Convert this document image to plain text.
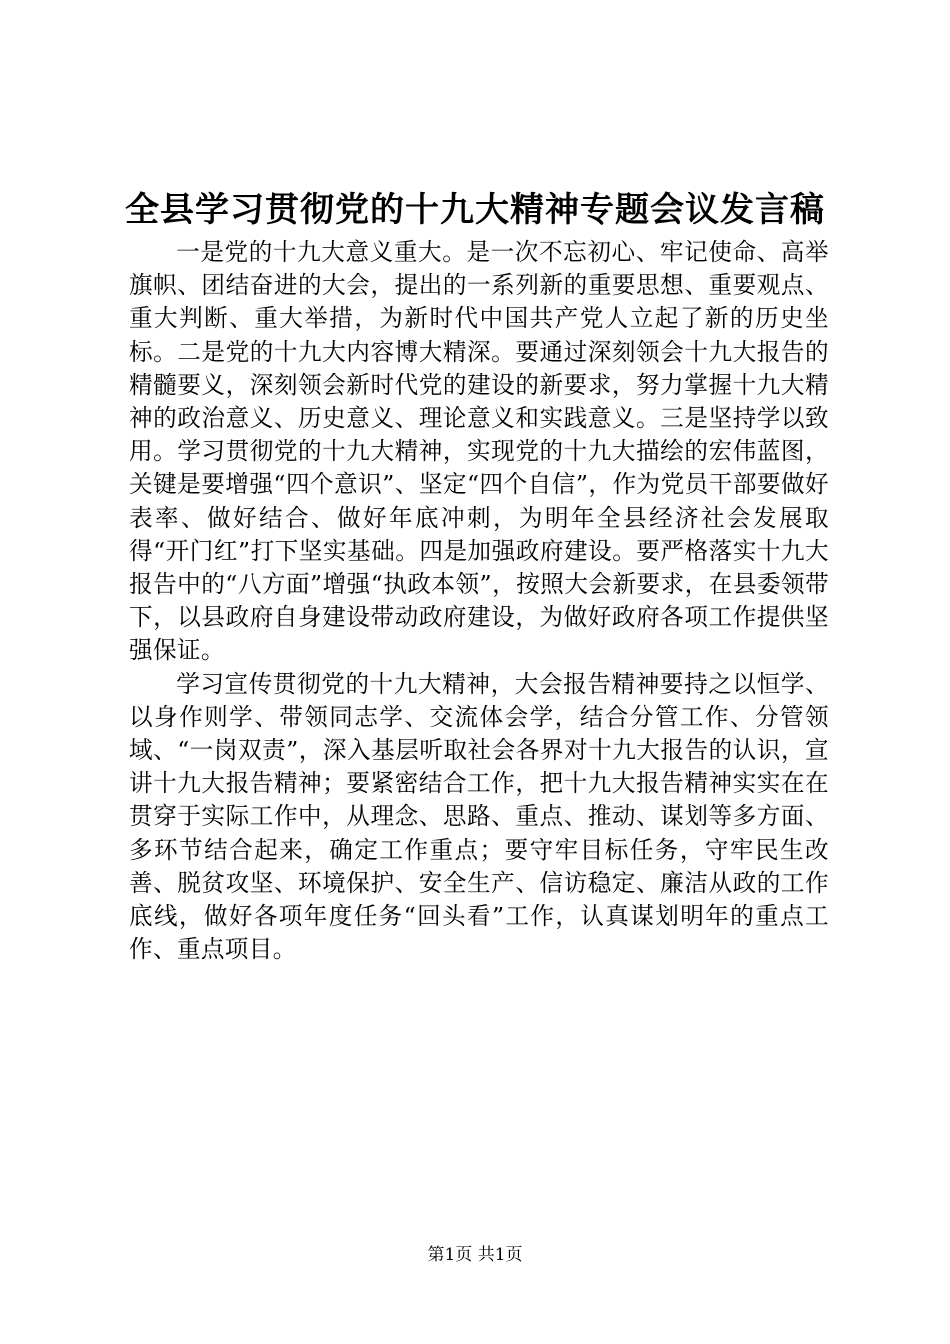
全县学习贯彻党的十九大精神专题会议发言稿

一是党的十九大意义重大。是一次不忘初心、牢记使命、高举旗帜、团结奋进的大会，提出的一系列新的重要思想、重要观点、重大判断、重大举措，为新时代中国共产党人立起了新的历史坐标。二是党的十九大内容博大精深。要通过深刻领会十九大报告的精髓要义，深刻领会新时代党的建设的新要求，努力掌握十九大精神的政治意义、历史意义、理论意义和实践意义。三是坚持学以致用。学习贯彻党的十九大精神，实现党的十九大描绘的宏伟蓝图，关键是要增强“四个意识”、坚定“四个自信”，作为党员干部要做好表率、做好结合、做好年底冲刺，为明年全县经济社会发展取得“开门红”打下坚实基础。四是加强政府建设。要严格落实十九大报告中的“八方面”增强“执政本领”，按照大会新要求，在县委领带下，以县政府自身建设带动政府建设，为做好政府各项工作提供坚强保证。

学习宣传贯彻党的十九大精神，大会报告精神要持之以恒学、以身作则学、带领同志学、交流体会学，结合分管工作、分管领域、“一岗双责”，深入基层听取社会各界对十九大报告的认识，宣讲十九大报告精神；要紧密结合工作，把十九大报告精神实实在在贯穿于实际工作中，从理念、思路、重点、推动、谋划等多方面、多环节结合起来，确定工作重点；要守牢目标任务，守牢民生改善、脱贫攻坚、环境保护、安全生产、信访稳定、廉洁从政的工作底线，做好各项年度任务“回头看”工作，认真谋划明年的重点工作、重点项目。

第1页 共1页
